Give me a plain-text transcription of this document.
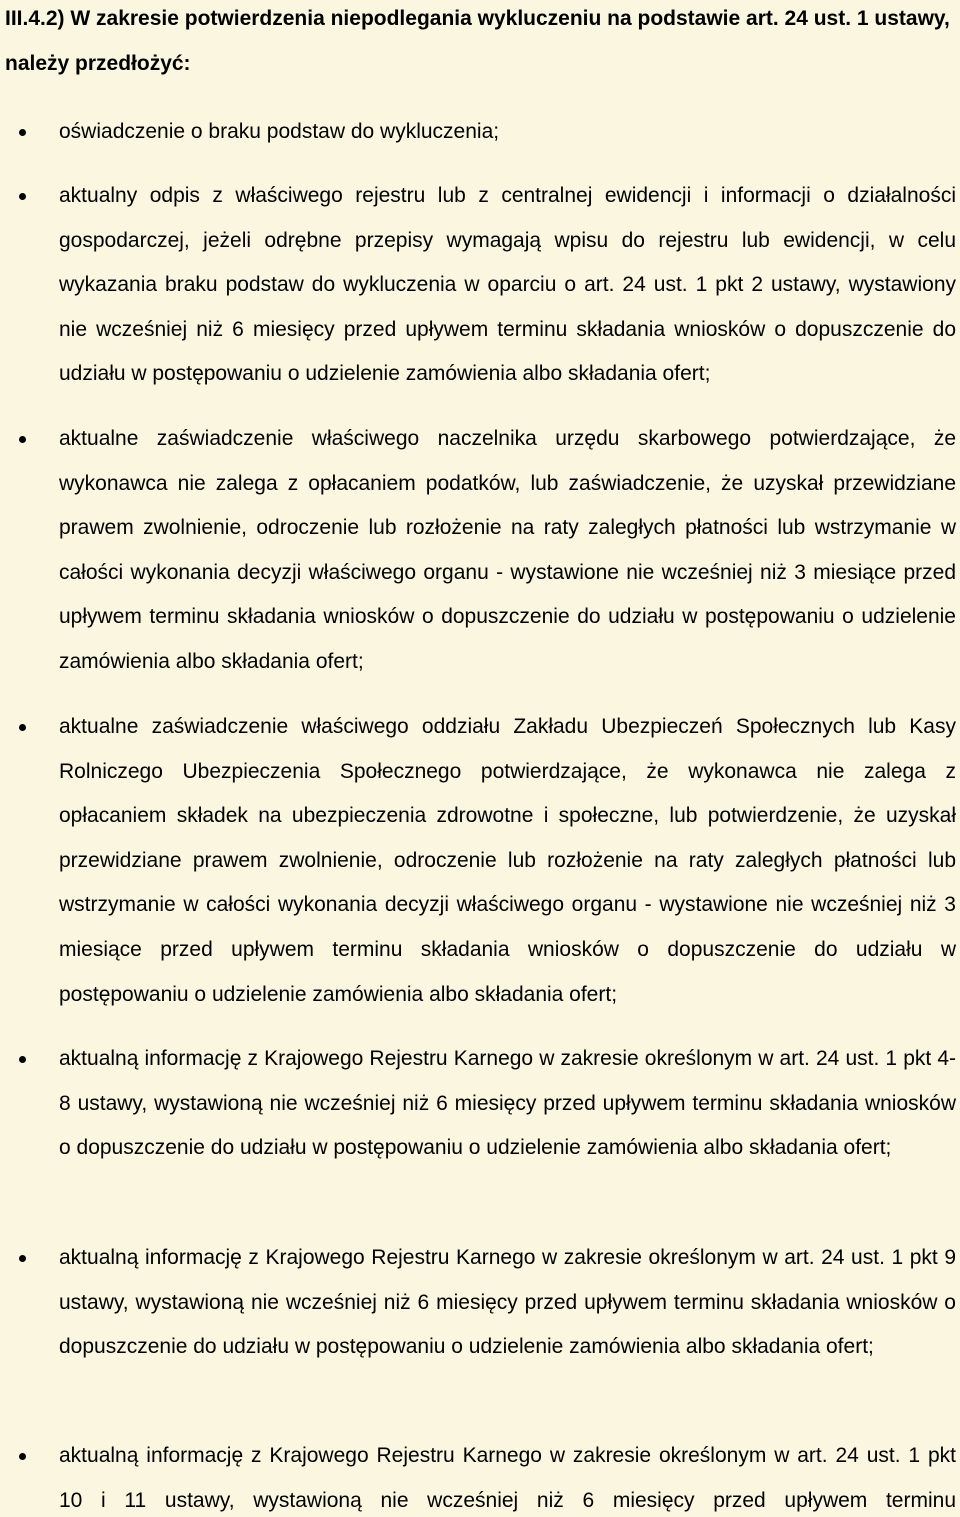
III.4.2) W zakresie potwierdzenia niepodlegania wykluczeniu na podstawie art. 24 ust. 1 ustawy, należy przedłożyć:

oświadczenie o braku podstaw do wykluczenia;

aktualny odpis z właściwego rejestru lub z centralnej ewidencji i informacji o działalności gospodarczej, jeżeli odrębne przepisy wymagają wpisu do rejestru lub ewidencji, w celu wykazania braku podstaw do wykluczenia w oparciu o art. 24 ust. 1 pkt 2 ustawy, wystawiony nie wcześniej niż 6 miesięcy przed upływem terminu składania wniosków o dopuszczenie do udziału w postępowaniu o udzielenie zamówienia albo składania ofert;

aktualne zaświadczenie właściwego naczelnika urzędu skarbowego potwierdzające, że wykonawca nie zalega z opłacaniem podatków, lub zaświadczenie, że uzyskał przewidziane prawem zwolnienie, odroczenie lub rozłożenie na raty zaległych płatności lub wstrzymanie w całości wykonania decyzji właściwego organu - wystawione nie wcześniej niż 3 miesiące przed upływem terminu składania wniosków o dopuszczenie do udziału w postępowaniu o udzielenie zamówienia albo składania ofert;

aktualne zaświadczenie właściwego oddziału Zakładu Ubezpieczeń Społecznych lub Kasy Rolniczego Ubezpieczenia Społecznego potwierdzające, że wykonawca nie zalega z opłacaniem składek na ubezpieczenia zdrowotne i społeczne, lub potwierdzenie, że uzyskał przewidziane prawem zwolnienie, odroczenie lub rozłożenie na raty zaległych płatności lub wstrzymanie w całości wykonania decyzji właściwego organu - wystawione nie wcześniej niż 3 miesiące przed upływem terminu składania wniosków o dopuszczenie do udziału w postępowaniu o udzielenie zamówienia albo składania ofert;

aktualną informację z Krajowego Rejestru Karnego w zakresie określonym w art. 24 ust. 1 pkt 4-8 ustawy, wystawioną nie wcześniej niż 6 miesięcy przed upływem terminu składania wniosków o dopuszczenie do udziału w postępowaniu o udzielenie zamówienia albo składania ofert;

aktualną informację z Krajowego Rejestru Karnego w zakresie określonym w art. 24 ust. 1 pkt 9 ustawy, wystawioną nie wcześniej niż 6 miesięcy przed upływem terminu składania wniosków o dopuszczenie do udziału w postępowaniu o udzielenie zamówienia albo składania ofert;

aktualną informację z Krajowego Rejestru Karnego w zakresie określonym w art. 24 ust. 1 pkt 10 i 11 ustawy, wystawioną nie wcześniej niż 6 miesięcy przed upływem terminu
